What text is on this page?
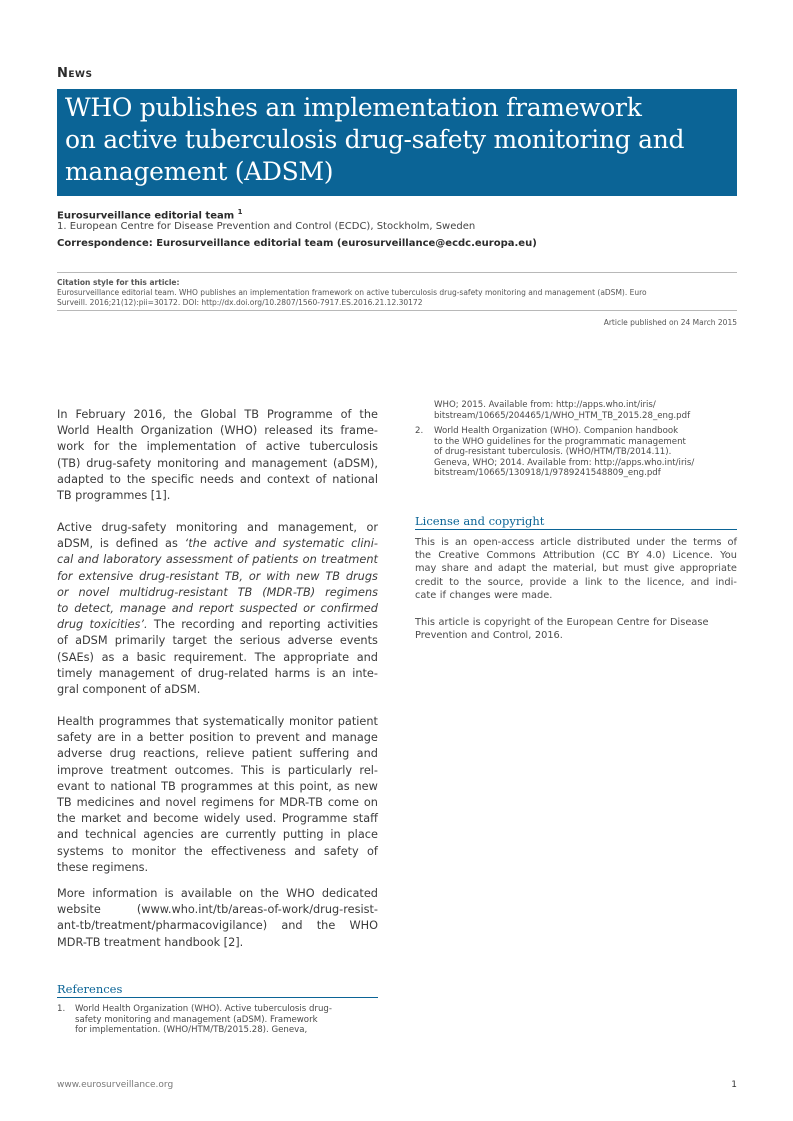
News
WHO publishes an implementation framework
on active tuberculosis drug-safety monitoring and
management (ADSM)
Eurosurveillance editorial team $^1$
1. European Centre for Disease Prevention and Control (ECDC), Stockholm, Sweden
Correspondence: Eurosurveillance editorial team (eurosurveillance@ecdc.europa.eu)
Citation style for this article:
Eurosurveillance editorial team. WHO publishes an implementation framework on active tuberculosis drug-safety monitoring and management (aDSM). Euro
Surveill. 2016;21(12):pii=30172. DOI: http://dx.doi.org/10.2807/1560-7917.ES.2016.21.12.30172
Article published on 24 March 2015
In February 2016, the Global TB Programme of the
World Health Organization (WHO) released its frame-
work for the implementation of active tuberculosis
(TB) drug-safety monitoring and management (aDSM),
adapted to the specific needs and context of national
TB programmes [1].
Active drug-safety monitoring and management, or
aDSM, is defined as ‘the active and systematic clini-
cal and laboratory assessment of patients on treatment
for extensive drug-resistant TB, or with new TB drugs
or novel multidrug-resistant TB (MDR-TB) regimens
to detect, manage and report suspected or confirmed
drug toxicities’. The recording and reporting activities
of aDSM primarily target the serious adverse events
(SAEs) as a basic requirement. The appropriate and
timely management of drug-related harms is an inte-
gral component of aDSM.
Health programmes that systematically monitor patient
safety are in a better position to prevent and manage
adverse drug reactions, relieve patient suffering and
improve treatment outcomes. This is particularly rel-
evant to national TB programmes at this point, as new
TB medicines and novel regimens for MDR-TB come on
the market and become widely used. Programme staff
and technical agencies are currently putting in place
systems to monitor the effectiveness and safety of
these regimens.
More information is available on the WHO dedicated
website	(www.who.int/tb/areas-of-work/drug-resist-
ant-tb/treatment/pharmacovigilance) and the WHO
MDR-TB treatment handbook [2].
References
1. World Health Organization (WHO). Active tuberculosis drug-
safety monitoring and management (aDSM). Framework
for implementation. (WHO/HTM/TB/2015.28). Geneva,
WHO; 2015. Available from: http://apps.who.int/iris/
bitstream/10665/204465/1/WHO_HTM_TB_2015.28_eng.pdf
2. World Health Organization (WHO). Companion handbook
to the WHO guidelines for the programmatic management
of drug-resistant tuberculosis. (WHO/HTM/TB/2014.11).
Geneva, WHO; 2014. Available from: http://apps.who.int/iris/
bitstream/10665/130918/1/9789241548809_eng.pdf
License and copyright
This is an open-access article distributed under the terms of
the Creative Commons Attribution (CC BY 4.0) Licence. You
may share and adapt the material, but must give appropriate
credit to the source, provide a link to the licence, and indi-
cate if changes were made.
This article is copyright of the European Centre for Disease
Prevention and Control, 2016.
www.eurosurveillance.org	1
